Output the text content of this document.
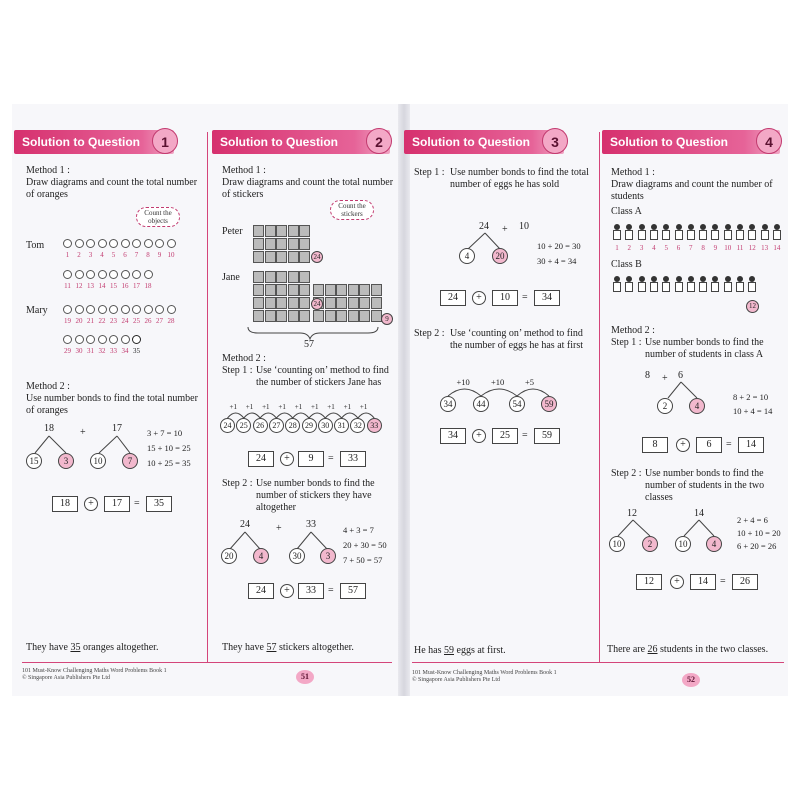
Solution to Question	1
Method 1 :
Draw diagrams and count the total number of oranges
Count the objects
Tom
Mary
1	2	3	4	5	6	7	8	9 10
11 12 13 14 15 16 17 18
19 20 21 22 23 24 25 26 27 28
29 30 31 32 33 34 35
Method 2 :
Use number bonds to find the total number of oranges
18	+	17
15	3	10	7
3 + 7 = 10
15 + 10 = 25
10 + 25 = 35
18	+	17	=	35
They have 35 oranges altogether.
Solution to Question	2
Method 1 :
Draw diagrams and count the total number of stickers
Count the stickers
Peter
Jane
24
24
9
57
Method 2 :
Step 1 : Use ‘counting on’ method to find the number of stickers Jane has
24
+1
25
+1
26
+1
27
+1
28
+1
29
+1
30
+1
31
+1
32
+1
33
24	+	9	=	33
Step 2 : Use number bonds to find the number of stickers they have altogether
24	+ 33
20	4	30	3
4 + 3 = 7
20 + 30 = 50
7 + 50 = 57
24	+	33	=	57
They have 57 stickers altogether.
101 Must-Know Challenging Maths Word Problems Book 1
© Singapore Asia Publishers Pte Ltd	51
Solution to Question	3
Step 1 : Use number bonds to find the total number of eggs he has sold
24 + 10
4	20
10 + 20 = 30
30 + 4 = 34
24	+	10	=	34
Step 2 : Use ‘counting on’ method to find the number of eggs he has at first
34
+10
44
+10
54
+5
59
34	+	25	=	59
He has 59 eggs at first.
Solution to Question	4
Method 1 :
Draw diagrams and count the number of students
Class A
Class B
1	2	3	4	5	6	7	8	9	10 11 12 13 14
12
Method 2 :
Step 1 : Use number bonds to find the number of students in class A
8 + 6
2	4
8 + 2 = 10
10 + 4 = 14
8	+	6	=	14
Step 2 : Use number bonds to find the number of students in the two classes
12	14
10	2	10	4
2 + 4 = 6
10 + 10 = 20
6 + 20 = 26
12	+	14	=	26
There are 26 students in the two classes.
101 Must-Know Challenging Maths Word Problems Book 1
© Singapore Asia Publishers Pte Ltd	52
